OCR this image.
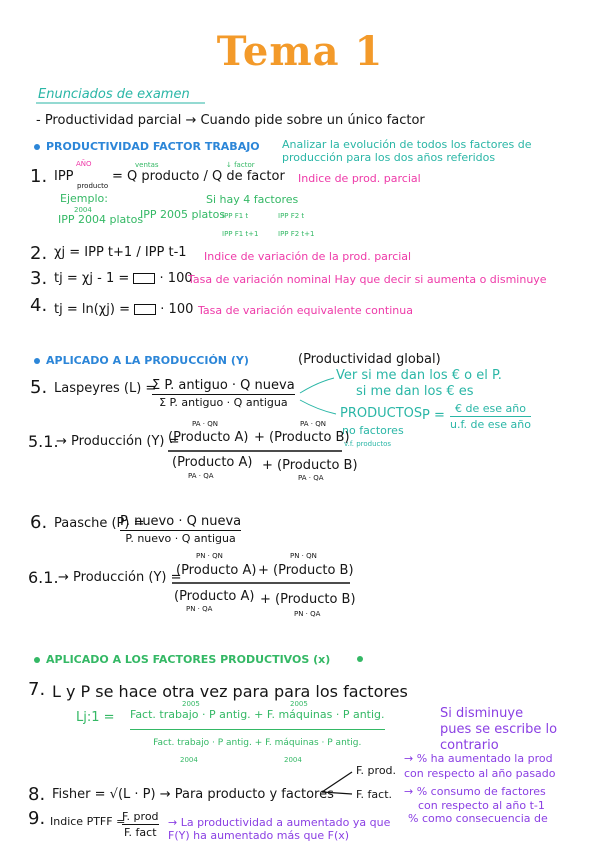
Tema 1
Enunciados de examen
- Productividad parcial → Cuando pide sobre un único factor
PRODUCTIVIDAD FACTOR TRABAJO Analizar la evolución de todos los factores de producción para los dos años referidos
1.
AÑO	ventas	↓ factor
IPP
producto
= Q producto / Q de factor Indice de prod. parcial
Ejemplo:
2004
IPP 2004 platos
IPP 2005 platos
Si hay 4 factores
IPP F1 t	IPP F2 t
IPP F1 t+1	IPP F2 t+1
2. χj = IPP t+1 / IPP t-1 Indice de variación de la prod. parcial
3. tj = χj - 1 = · 100
Tasa de variación nominal Hay que decir si aumenta o disminuye
4. tj = ln(χj) = · 100 Tasa de variación equivalente continua
APLICADO A LA PRODUCCIÓN (Y)	(Productividad global)
5. Laspeyres (L) =
Σ P. antiguo · Q nueva
Σ P. antiguo · Q antigua
Ver si me dan los € o el P.
si me dan los € es
PRODUCTOS
no factores
v.f. productos
P = € de ese año
u.f. de ese año
5.1.
→ Producción (Y) =
PA · QN	PA · QN
(Producto A) + (Producto B)
(Producto A) + (Producto B)
PA · QA	PA · QA
6. Paasche (P) =
P. nuevo · Q nueva
P. nuevo · Q antigua
6.1. → Producción (Y) =
PN · QN	PN · QN
(Producto A) + (Producto B)
(Producto A) + (Producto B)
PN · QA
PN · QA
APLICADO A LOS FACTORES PRODUCTIVOS (x)
7. L y P se hace otra vez para para los factores
Lj:1 =
2005	2005
Fact. trabajo · P antig. + F. máquinas · P antig.
Fact. trabajo · P antig. + F. máquinas · P antig.
2004	2004
Si disminuye
pues se escribe lo
contrario
8. Fisher = √(L · P) → Para producto y factores
F. prod.
F. fact.
→ % ha aumentado la prod
con respecto al año pasado
→ % consumo de factores
con respecto al año t-1
% como consecuencia de
9. Indice PTFF =
F. prod
F. fact
→ La productividad a aumentado ya que F(Y) ha aumentado más que F(x)
